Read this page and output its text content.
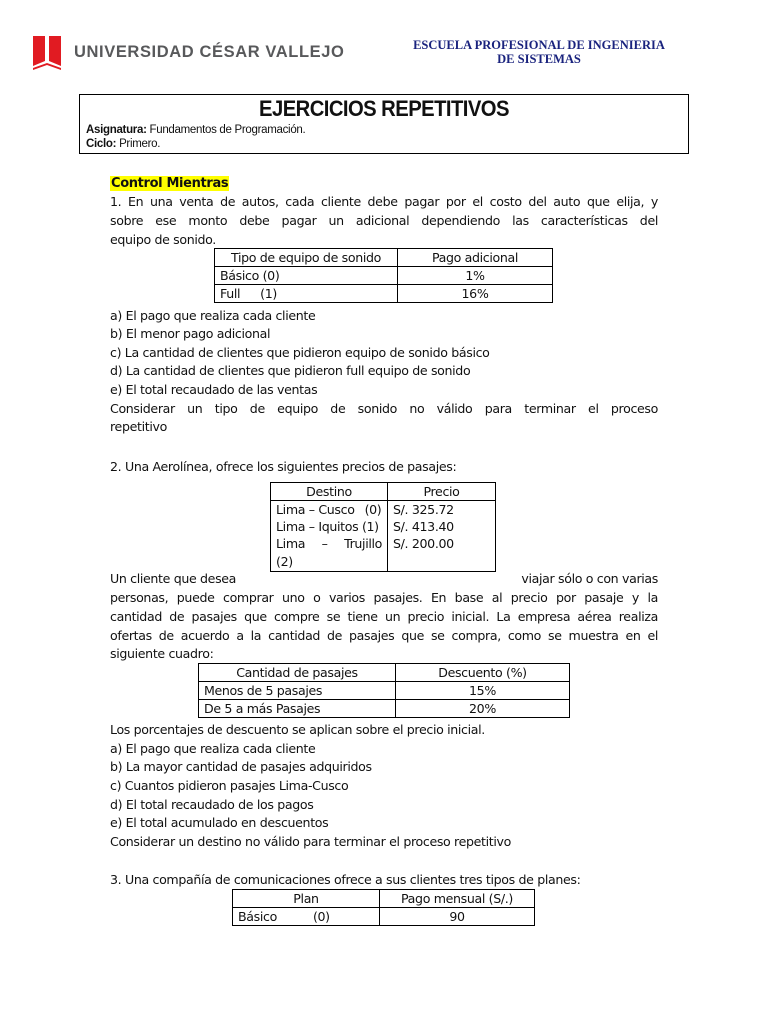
UNIVERSIDAD CÉSAR VALLEJO	ESCUELA PROFESIONAL DE INGENIERIA
DE SISTEMAS
EJERCICIOS REPETITIVOS
Asignatura: Fundamentos de Programación.
Ciclo: Primero.
Control Mientras
1. En una venta de autos, cada cliente debe pagar por el costo del auto que elija, y
sobre ese monto debe pagar un adicional dependiendo las características del
equipo de sonido.
Tipo de equipo de sonido	Pago adicional
Básico (0)	1%
Full (1)	16%
a) El pago que realiza cada cliente
b) El menor pago adicional
c) La cantidad de clientes que pidieron equipo de sonido básico
d) La cantidad de clientes que pidieron full equipo de sonido
e) El total recaudado de las ventas
Considerar un tipo de equipo de sonido no válido para terminar el proceso
repetitivo
2. Una Aerolínea, ofrece los siguientes precios de pasajes:
Destino	Precio
Lima – Cusco (0)	S/. 325.72
Lima – Iquitos (1)	S/. 413.40

Lima – Trujillo
(2)	S/. 200.00
Un cliente que desea	viajar sólo o con varias
personas, puede comprar uno o varios pasajes. En base al precio por pasaje y la
cantidad de pasajes que compre se tiene un precio inicial. La empresa aérea realiza
ofertas de acuerdo a la cantidad de pasajes que se compra, como se muestra en el
siguiente cuadro:
Cantidad de pasajes	Descuento (%)
Menos de 5 pasajes	15%
De 5 a más Pasajes	20%
Los porcentajes de descuento se aplican sobre el precio inicial.
a) El pago que realiza cada cliente
b) La mayor cantidad de pasajes adquiridos
c) Cuantos pidieron pasajes Lima-Cusco
d) El total recaudado de los pagos
e) El total acumulado en descuentos
Considerar un destino no válido para terminar el proceso repetitivo
3. Una compañía de comunicaciones ofrece a sus clientes tres tipos de planes:
Plan	Pago mensual (S/.)
Básico (0)	90
